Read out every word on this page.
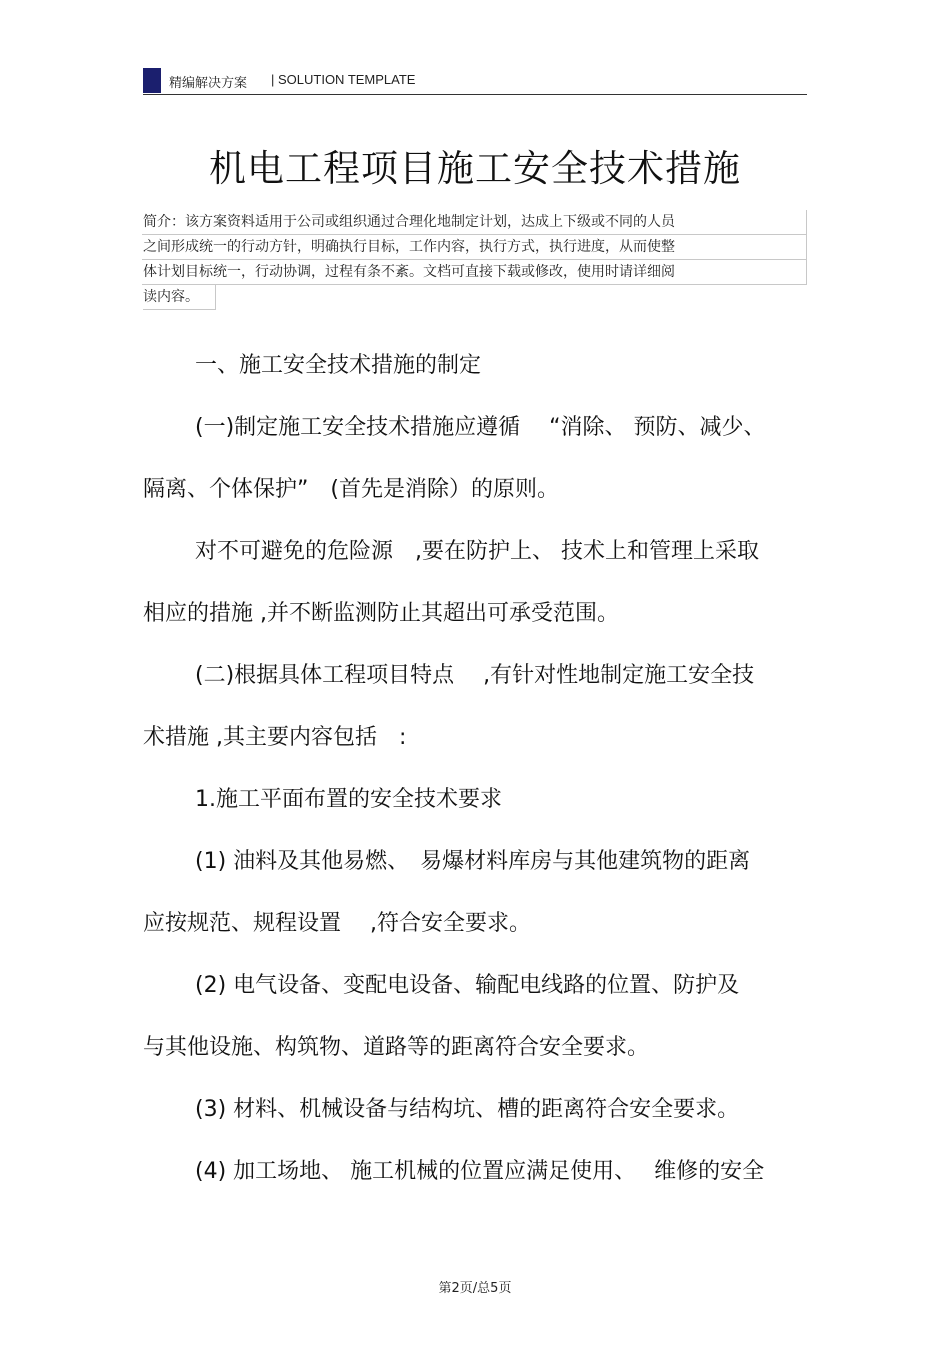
精编解决方案 | SOLUTION TEMPLATE
机电工程项目施工安全技术措施
简介：该方案资料适用于公司或组织通过合理化地制定计划，达成上下级或不同的人员
之间形成统一的行动方针，明确执行目标，工作内容，执行方式，执行进度，从而使整
体计划目标统一，行动协调，过程有条不紊。文档可直接下载或修改，使用时请详细阅
读内容。

一、施工安全技术措施的制定

(一)制定施工安全技术措施应遵循　 “消除、 预防、减少、

隔离、个体保护”　(首先是消除）的原则。

对不可避免的危险源　,要在防护上、 技术上和管理上采取

相应的措施 ,并不断监测防止其超出可承受范围。

(二)根据具体工程项目特点　 ,有针对性地制定施工安全技

术措施 ,其主要内容包括　:

1.施工平面布置的安全技术要求

(1) 油料及其他易燃、　易爆材料库房与其他建筑物的距离

应按规范、规程设置　 ,符合安全要求。

(2) 电气设备、变配电设备、输配电线路的位置、防护及

与其他设施、构筑物、道路等的距离符合安全要求。

(3) 材料、机械设备与结构坑、槽的距离符合安全要求。

(4) 加工场地、 施工机械的位置应满足使用、　 维修的安全

第2页/总5页
